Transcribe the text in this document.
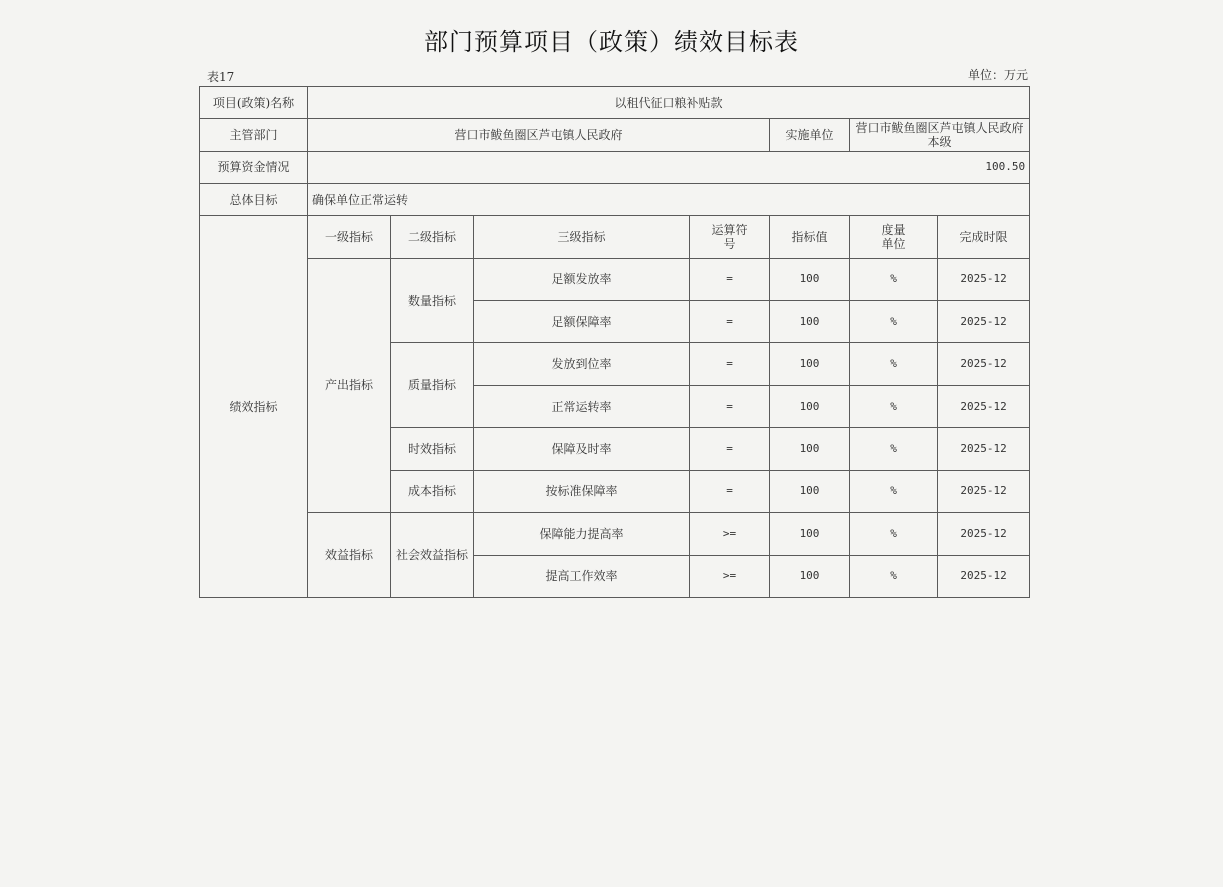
部门预算项目（政策）绩效目标表
表17	单位：万元
项目(政策)名称	以租代征口粮补贴款						
主管部门	营口市鲅鱼圈区芦屯镇人民政府				实施单位	营口市鲅鱼圈区芦屯镇人民政府本级	
预算资金情况	100.50						
总体目标	确保单位正常运转						
绩效指标	一级指标	二级指标	三级指标	运算符号	指标值	度量单位	完成时限
	产出指标	数量指标	足额发放率	=	100	%	2025-12
			足额保障率	=	100	%	2025-12
		质量指标	发放到位率	=	100	%	2025-12
			正常运转率	=	100	%	2025-12
		时效指标	保障及时率	=	100	%	2025-12
		成本指标	按标准保障率	=	100	%	2025-12
	效益指标	社会效益指标	保障能力提高率	>=	100	%	2025-12
			提高工作效率	>=	100	%	2025-12
